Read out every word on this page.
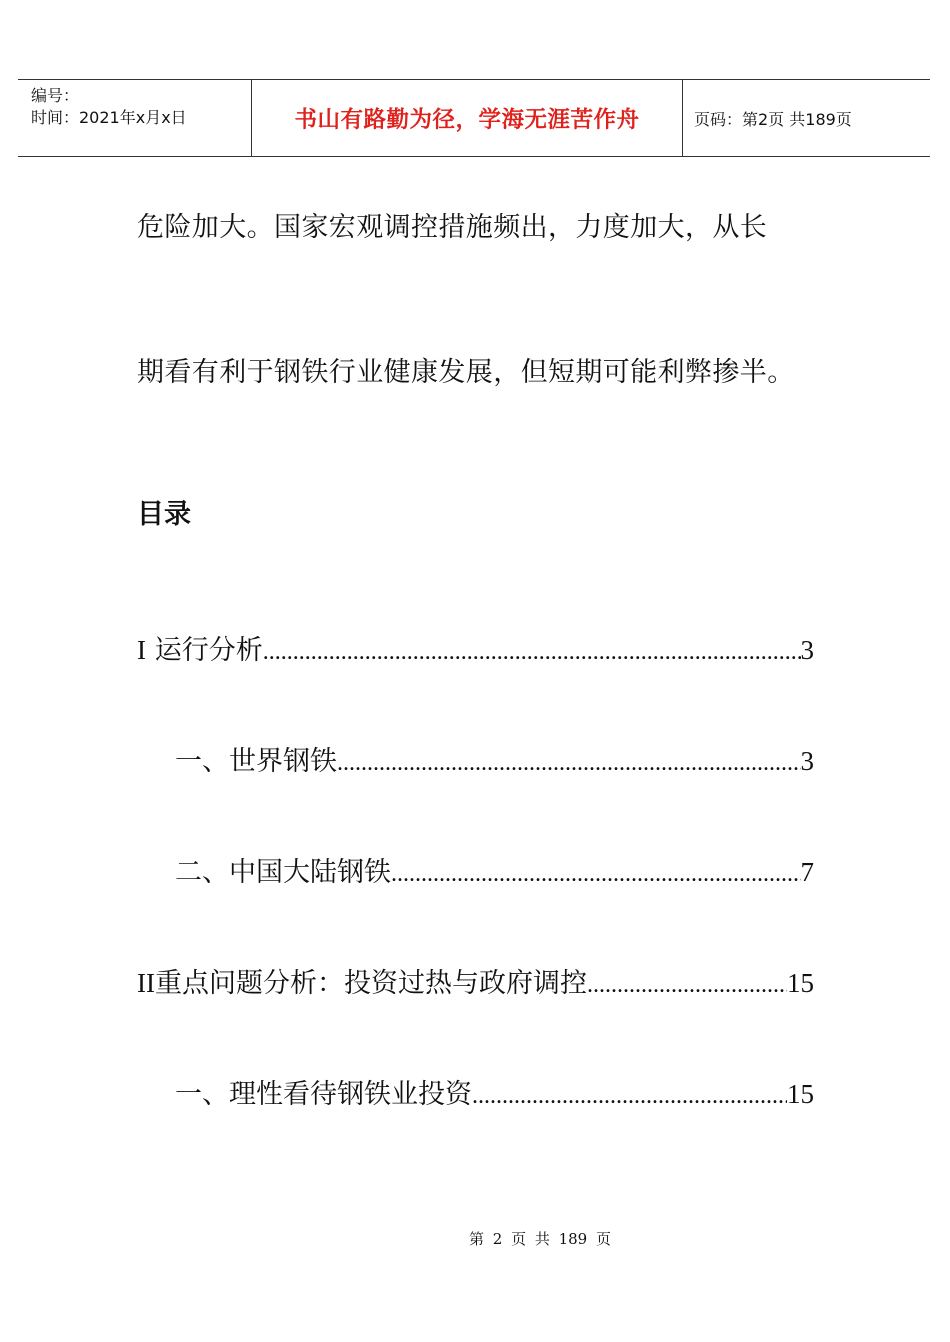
编号：
时间：2021年x月x日	书山有路勤为径，学海无涯苦作舟	页码：第2页 共189页
危险加大。国家宏观调控措施频出，力度加大，从长
期看有利于钢铁行业健康发展，但短期可能利弊掺半。
目录
I 运行分析 .....	3
一、世界钢铁 .....	3
二、中国大陆钢铁 .....	7
II 重点问题分析：投资过热与政府调控 .....	15
一、理性看待钢铁业投资 .....	15
第 2 页 共 189 页
